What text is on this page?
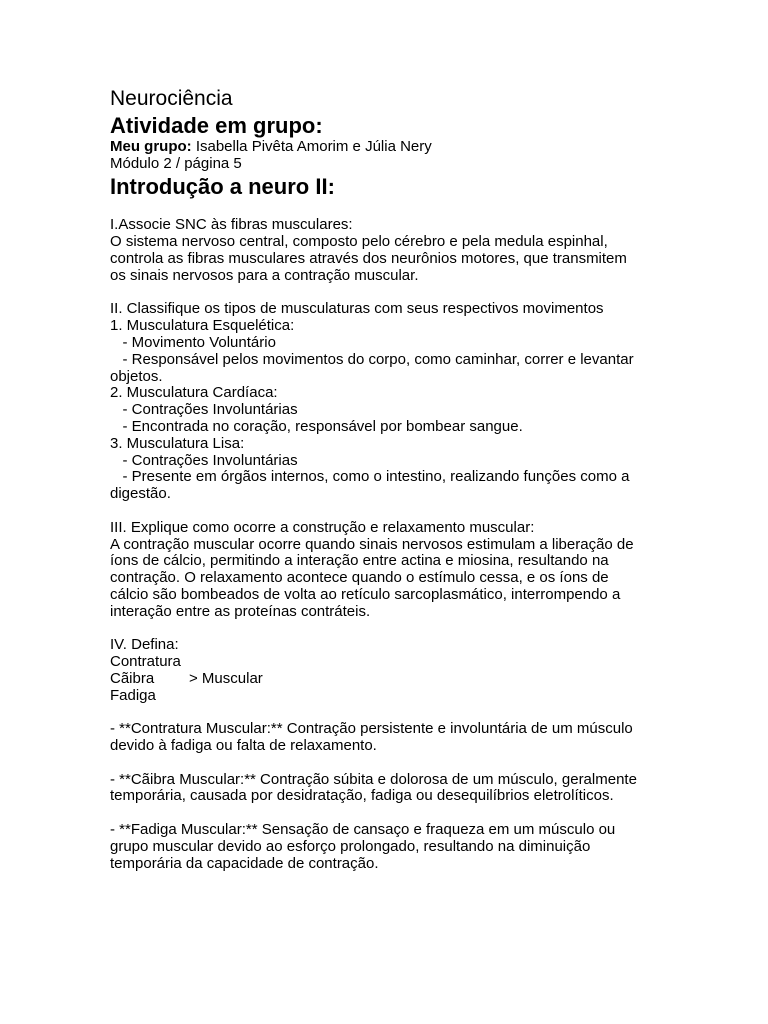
Neurociência
Atividade em grupo:
Meu grupo: Isabella Pivêta Amorim e Júlia Nery
Módulo 2 / página 5
Introdução a neuro II:
I.Associe SNC às fibras musculares:
O sistema nervoso central, composto pelo cérebro e pela medula espinhal,
controla as fibras musculares através dos neurônios motores, que transmitem
os sinais nervosos para a contração muscular.
II. Classifique os tipos de musculaturas com seus respectivos movimentos
1. Musculatura Esquelética:
- Movimento Voluntário
- Responsável pelos movimentos do corpo, como caminhar, correr e levantar
objetos.
2. Musculatura Cardíaca:
- Contrações Involuntárias
- Encontrada no coração, responsável por bombear sangue.
3. Musculatura Lisa:
- Contrações Involuntárias
- Presente em órgãos internos, como o intestino, realizando funções como a
digestão.
III. Explique como ocorre a construção e relaxamento muscular:
A contração muscular ocorre quando sinais nervosos estimulam a liberação de
íons de cálcio, permitindo a interação entre actina e miosina, resultando na
contração. O relaxamento acontece quando o estímulo cessa, e os íons de
cálcio são bombeados de volta ao retículo sarcoplasmático, interrompendo a
interação entre as proteínas contráteis.
IV. Defina:
Contratura
Cãibra	> Muscular
Fadiga
- **Contratura Muscular:** Contração persistente e involuntária de um músculo
devido à fadiga ou falta de relaxamento.
- **Cãibra Muscular:** Contração súbita e dolorosa de um músculo, geralmente
temporária, causada por desidratação, fadiga ou desequilíbrios eletrolíticos.
- **Fadiga Muscular:** Sensação de cansaço e fraqueza em um músculo ou
grupo muscular devido ao esforço prolongado, resultando na diminuição
temporária da capacidade de contração.
